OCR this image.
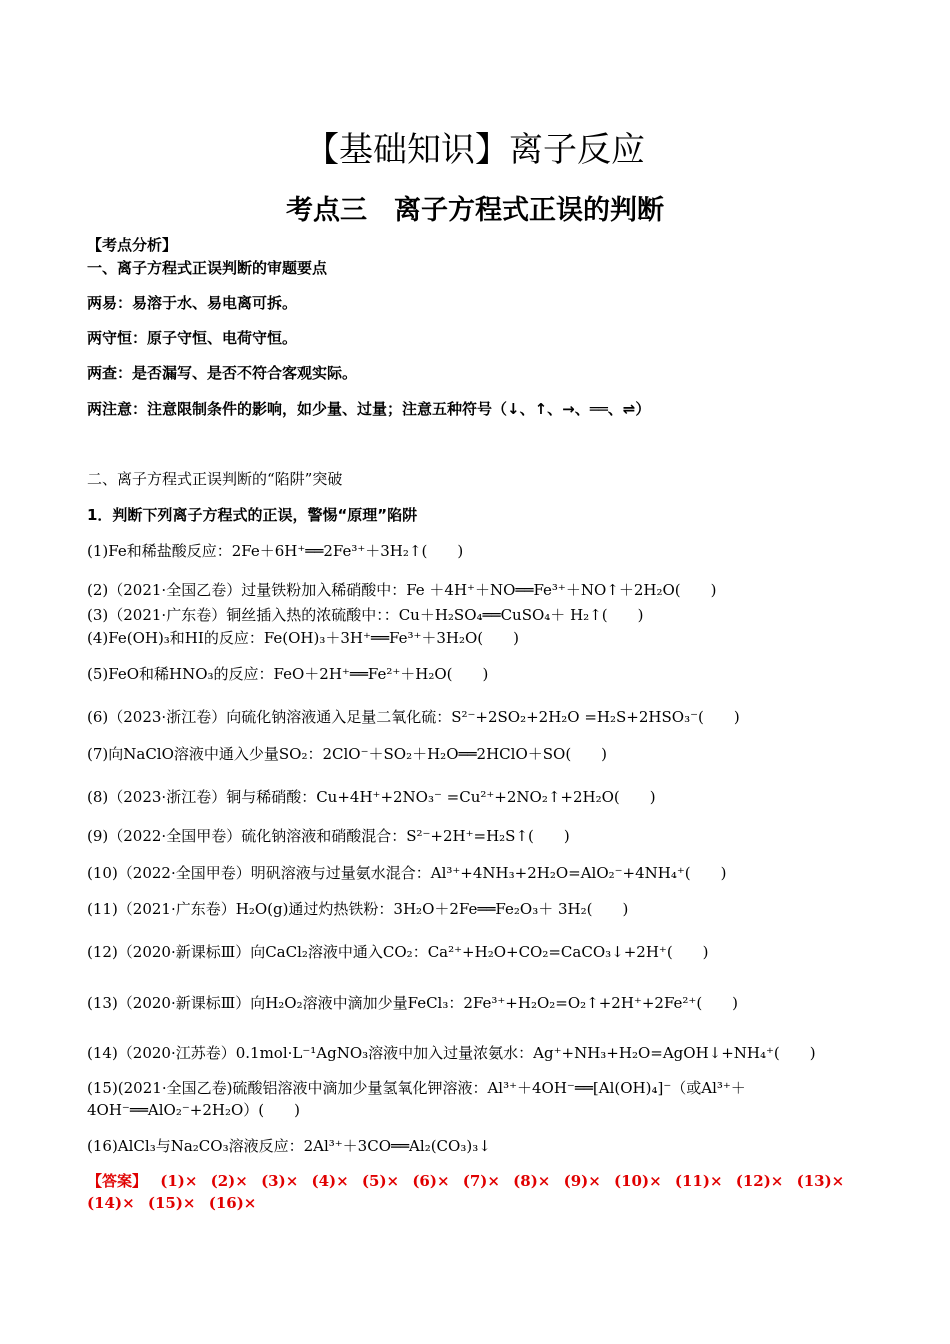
【基础知识】离子反应
考点三　离子方程式正误的判断
【考点分析】
一、离子方程式正误判断的审题要点
两易：易溶于水、易电离可拆。
两守恒：原子守恒、电荷守恒。
两查：是否漏写、是否不符合客观实际。
两注意：注意限制条件的影响，如少量、过量；注意五种符号（↓、↑、→、══、⇌）
二、离子方程式正误判断的“陷阱”突破
1．判断下列离子方程式的正误，警惕“原理”陷阱
(1)Fe和稀盐酸反应：2Fe＋6H⁺══2Fe³⁺＋3H₂↑(　　)
(2)（2021·全国乙卷）过量铁粉加入稀硝酸中：Fe ＋4H⁺＋NO══Fe³⁺＋NO↑＋2H₂O(　　)
(3)（2021·广东卷）铜丝插入热的浓硫酸中：：Cu＋H₂SO₄══CuSO₄＋ H₂↑(　　)
(4)Fe(OH)₃和HI的反应：Fe(OH)₃＋3H⁺══Fe³⁺＋3H₂O(　　)
(5)FeO和稀HNO₃的反应：FeO＋2H⁺══Fe²⁺＋H₂O(　　)
(6)（2023·浙江卷）向硫化钠溶液通入足量二氧化硫：S²⁻+2SO₂+2H₂O =H₂S+2HSO₃⁻(　　)
(7)向NaClO溶液中通入少量SO₂：2ClO⁻＋SO₂＋H₂O══2HClO＋SO(　　)
(8)（2023·浙江卷）铜与稀硝酸：Cu+4H⁺+2NO₃⁻ =Cu²⁺+2NO₂↑+2H₂O(　　)
(9)（2022·全国甲卷）硫化钠溶液和硝酸混合：S²⁻+2H⁺=H₂S↑(　　)
(10)（2022·全国甲卷）明矾溶液与过量氨水混合：Al³⁺+4NH₃+2H₂O=AlO₂⁻+4NH₄⁺(　　)
(11)（2021·广东卷）H₂O(g)通过灼热铁粉：3H₂O＋2Fe══Fe₂O₃＋ 3H₂(　　)
(12)（2020·新课标Ⅲ）向CaCl₂溶液中通入CO₂：Ca²⁺+H₂O+CO₂=CaCO₃↓+2H⁺(　　)
(13)（2020·新课标Ⅲ）向H₂O₂溶液中滴加少量FeCl₃：2Fe³⁺+H₂O₂=O₂↑+2H⁺+2Fe²⁺(　　)
(14)（2020·江苏卷）0.1mol·L⁻¹AgNO₃溶液中加入过量浓氨水：Ag⁺+NH₃+H₂O=AgOH↓+NH₄⁺(　　)
(15)(2021·全国乙卷)硫酸铝溶液中滴加少量氢氧化钾溶液：Al³⁺＋4OH⁻══[Al(OH)₄]⁻（或Al³⁺＋4OH⁻══AlO₂⁻+2H₂O）(　　)
(16)AlCl₃与Na₂CO₃溶液反应：2Al³⁺＋3CO══Al₂(CO₃)₃↓
【答案】 (1)× (2)× (3)× (4)× (5)× (6)× (7)× (8)× (9)× (10)× (11)× (12)× (13)× (14)× (15)× (16)×
